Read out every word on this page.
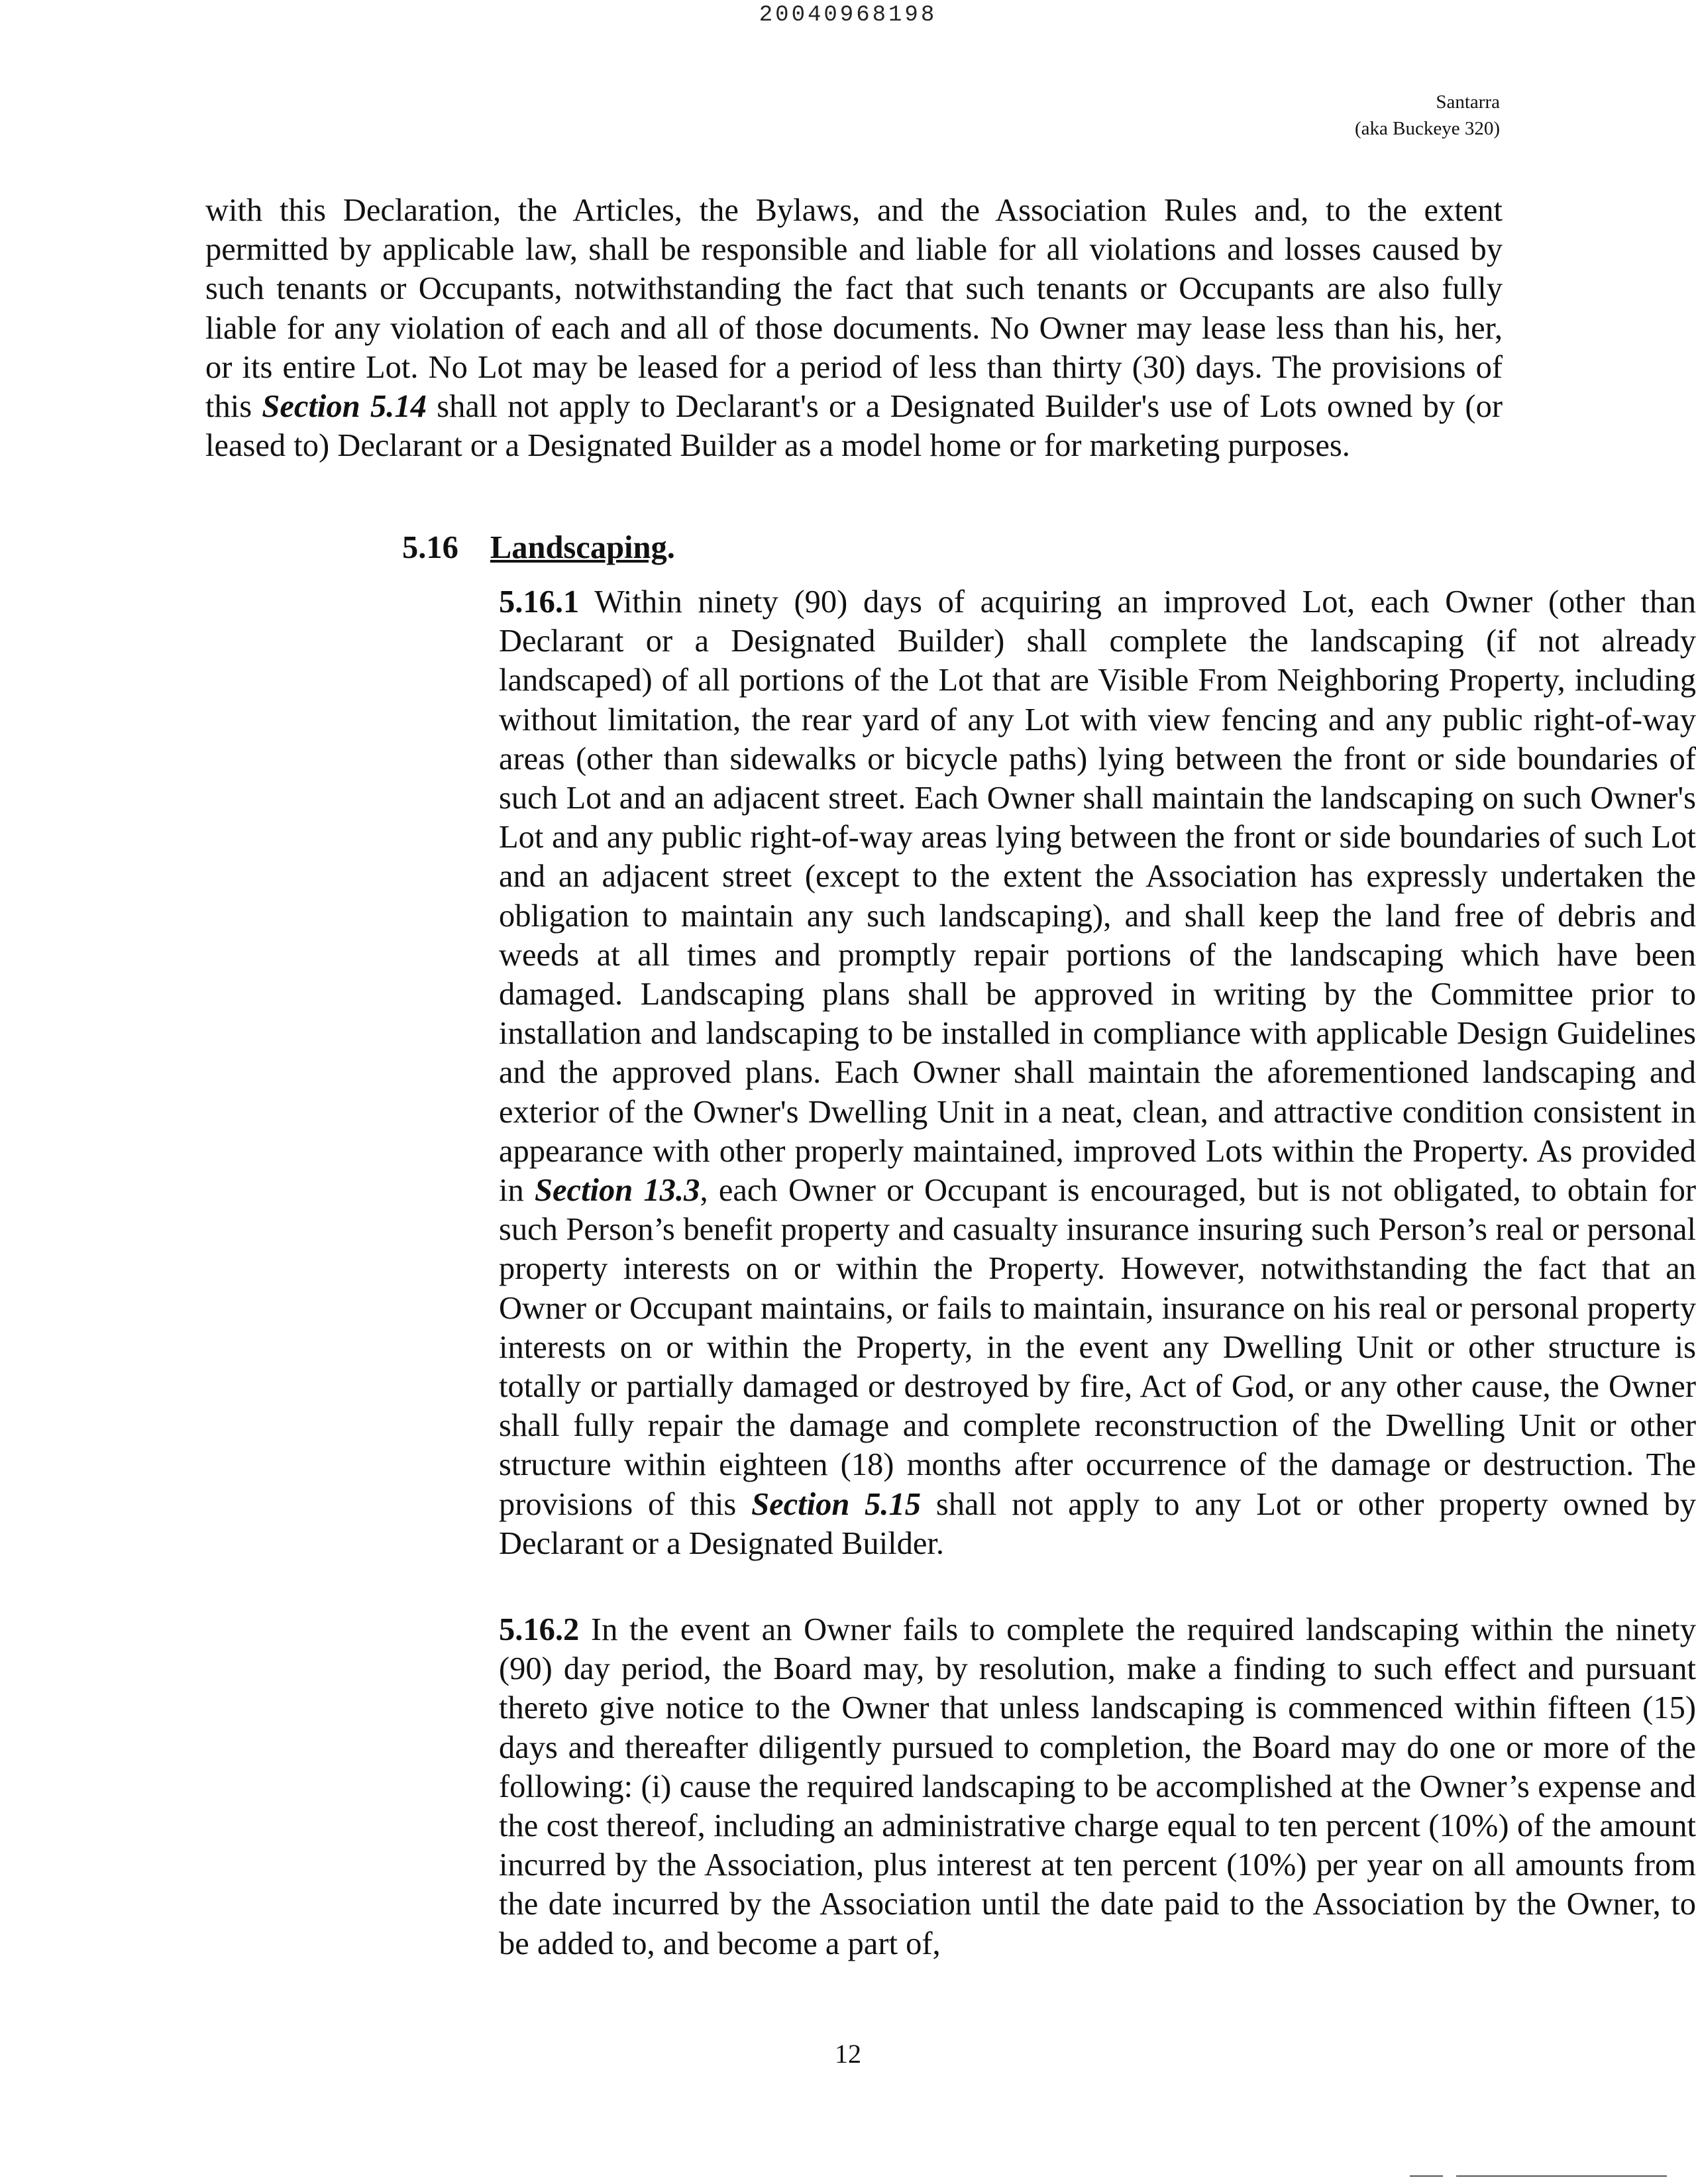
20040968198
Santarra
(aka Buckeye 320)
with this Declaration, the Articles, the Bylaws, and the Association Rules and, to the extent permitted by applicable law, shall be responsible and liable for all violations and losses caused by such tenants or Occupants, notwithstanding the fact that such tenants or Occupants are also fully liable for any violation of each and all of those documents. No Owner may lease less than his, her, or its entire Lot. No Lot may be leased for a period of less than thirty (30) days. The provisions of this Section 5.14 shall not apply to Declarant's or a Designated Builder's use of Lots owned by (or leased to) Declarant or a Designated Builder as a model home or for marketing purposes.
5.16 Landscaping.
5.16.1 Within ninety (90) days of acquiring an improved Lot, each Owner (other than Declarant or a Designated Builder) shall complete the landscaping (if not already landscaped) of all portions of the Lot that are Visible From Neighboring Property, including without limitation, the rear yard of any Lot with view fencing and any public right-of-way areas (other than sidewalks or bicycle paths) lying between the front or side boundaries of such Lot and an adjacent street. Each Owner shall maintain the landscaping on such Owner's Lot and any public right-of-way areas lying between the front or side boundaries of such Lot and an adjacent street (except to the extent the Association has expressly undertaken the obligation to maintain any such landscaping), and shall keep the land free of debris and weeds at all times and promptly repair portions of the landscaping which have been damaged. Landscaping plans shall be approved in writing by the Committee prior to installation and landscaping to be installed in compliance with applicable Design Guidelines and the approved plans. Each Owner shall maintain the aforementioned landscaping and exterior of the Owner's Dwelling Unit in a neat, clean, and attractive condition consistent in appearance with other properly maintained, improved Lots within the Property. As provided in Section 13.3, each Owner or Occupant is encouraged, but is not obligated, to obtain for such Person’s benefit property and casualty insurance insuring such Person’s real or personal property interests on or within the Property. However, notwithstanding the fact that an Owner or Occupant maintains, or fails to maintain, insurance on his real or personal property interests on or within the Property, in the event any Dwelling Unit or other structure is totally or partially damaged or destroyed by fire, Act of God, or any other cause, the Owner shall fully repair the damage and complete reconstruction of the Dwelling Unit or other structure within eighteen (18) months after occurrence of the damage or destruction. The provisions of this Section 5.15 shall not apply to any Lot or other property owned by Declarant or a Designated Builder.
5.16.2 In the event an Owner fails to complete the required landscaping within the ninety (90) day period, the Board may, by resolution, make a finding to such effect and pursuant thereto give notice to the Owner that unless landscaping is commenced within fifteen (15) days and thereafter diligently pursued to completion, the Board may do one or more of the following: (i) cause the required landscaping to be accomplished at the Owner’s expense and the cost thereof, including an administrative charge equal to ten percent (10%) of the amount incurred by the Association, plus interest at ten percent (10%) per year on all amounts from the date incurred by the Association until the date paid to the Association by the Owner, to be added to, and become a part of,
12
